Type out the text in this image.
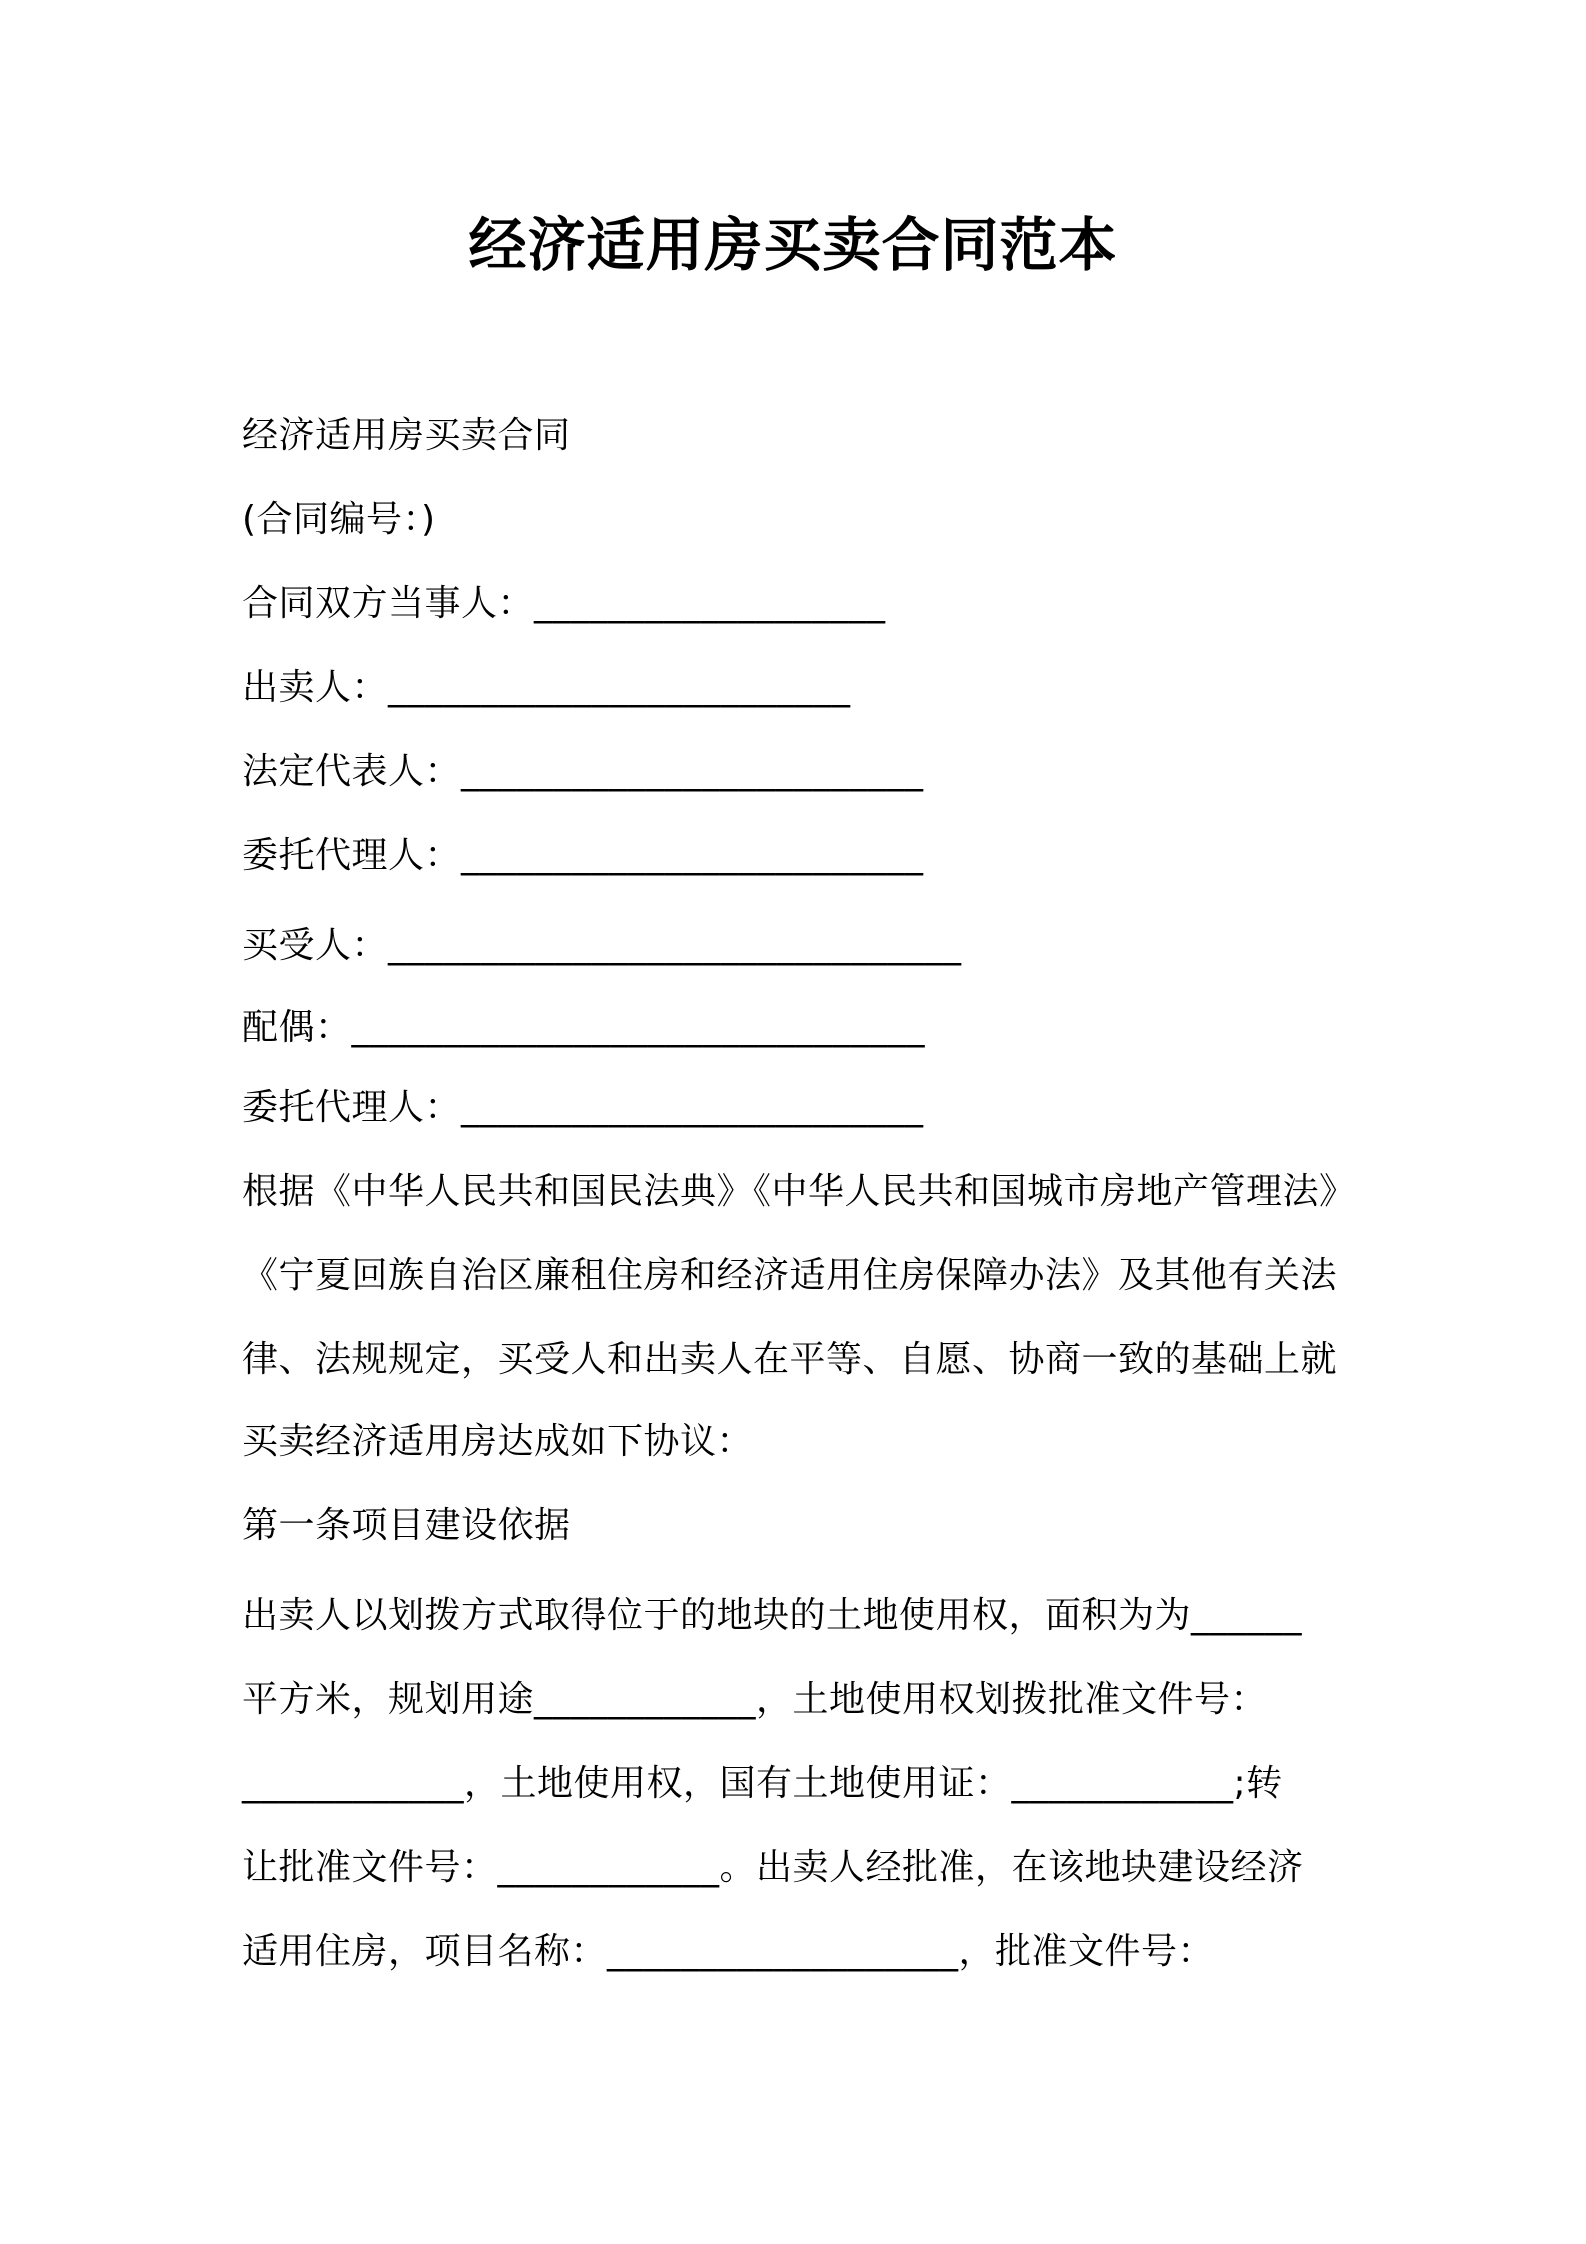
经济适用房买卖合同范本
经济适用房买卖合同
(合同编号：)
合同双方当事人：___________________
出卖人：_________________________
法定代表人：_________________________
委托代理人：_________________________
买受人：_______________________________
配偶：_______________________________
委托代理人：_________________________
根据《中华人民共和国民法典》《中华人民共和国城市房地产管理法》
《宁夏回族自治区廉租住房和经济适用住房保障办法》及其他有关法
律、法规规定，买受人和出卖人在平等、自愿、协商一致的基础上就
买卖经济适用房达成如下协议：
第一条项目建设依据
出卖人以划拨方式取得位于的地块的土地使用权，面积为为______
平方米，规划用途____________，土地使用权划拨批准文件号：
____________，土地使用权，国有土地使用证：____________;转
让批准文件号：____________。出卖人经批准，在该地块建设经济
适用住房，项目名称：___________________，批准文件号：
